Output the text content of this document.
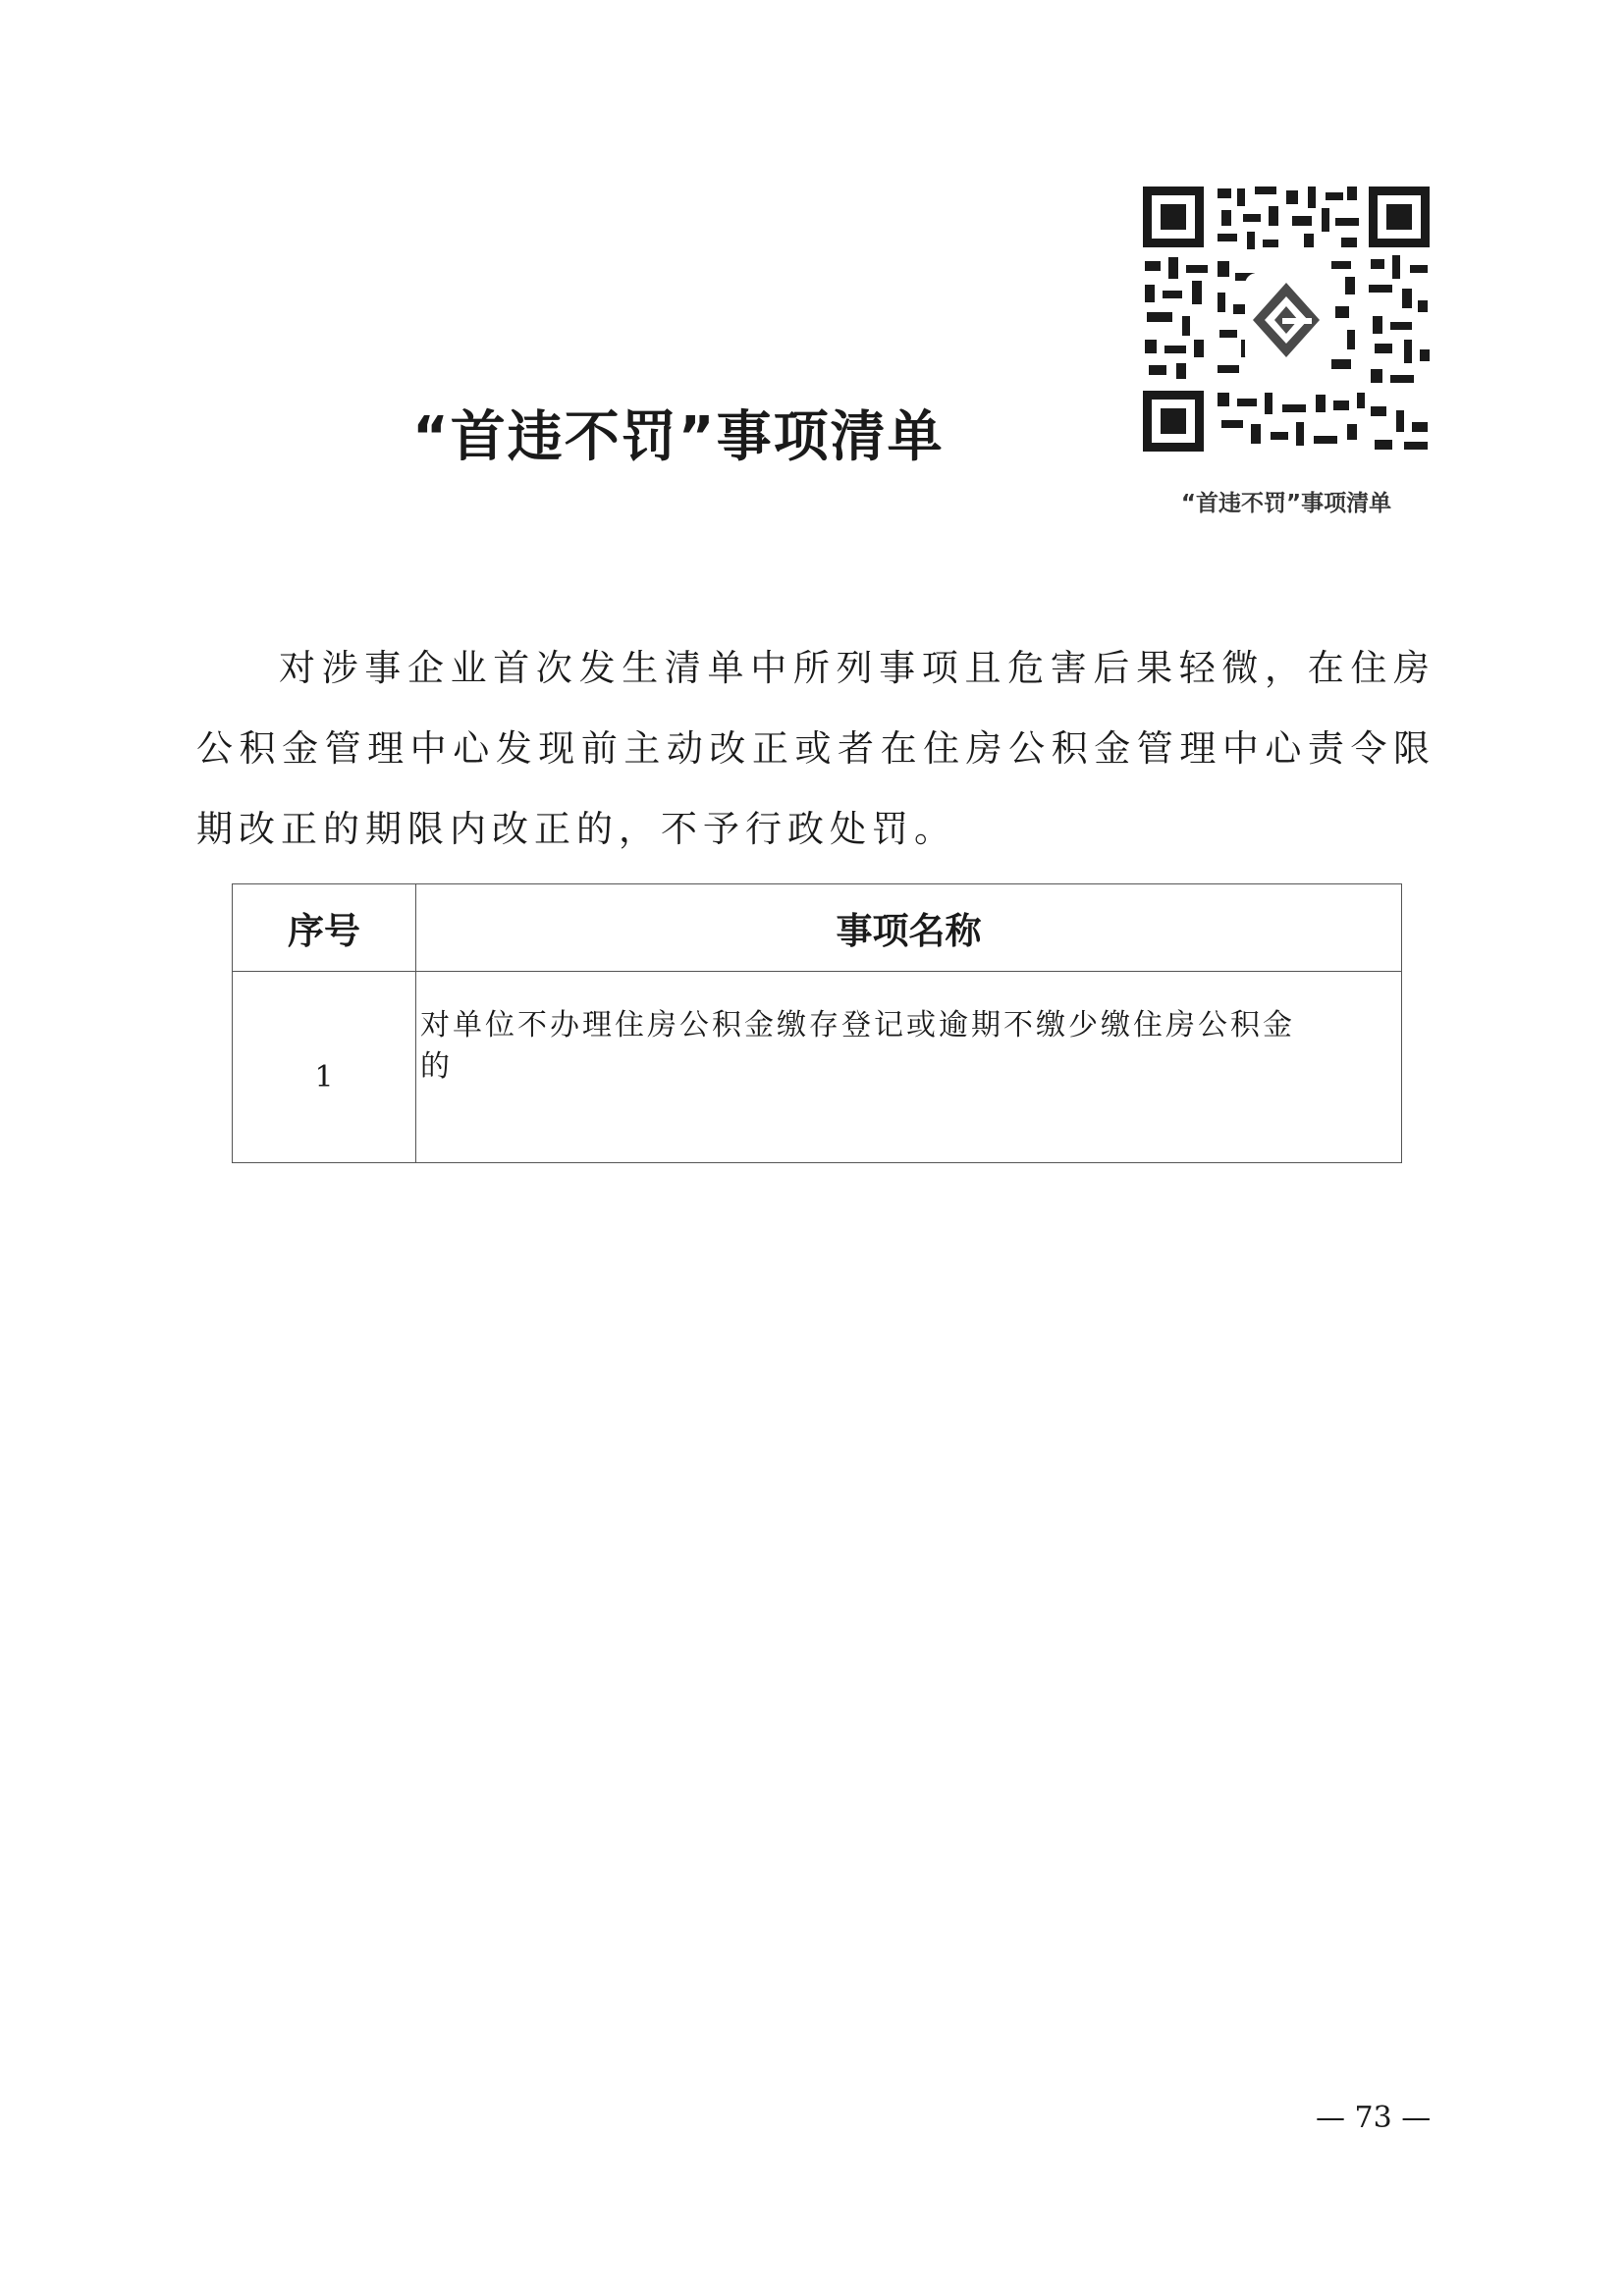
“首违不罚”事项清单
“首违不罚”事项清单

对涉事企业首次发生清单中所列事项且危害后果轻微，在住房公积金管理中心发现前主动改正或者在住房公积金管理中心责令限期改正的期限内改正的，不予行政处罚。

序号	事项名称
1	对单位不办理住房公积金缴存登记或逾期不缴少缴住房公积金的
— 73 —
